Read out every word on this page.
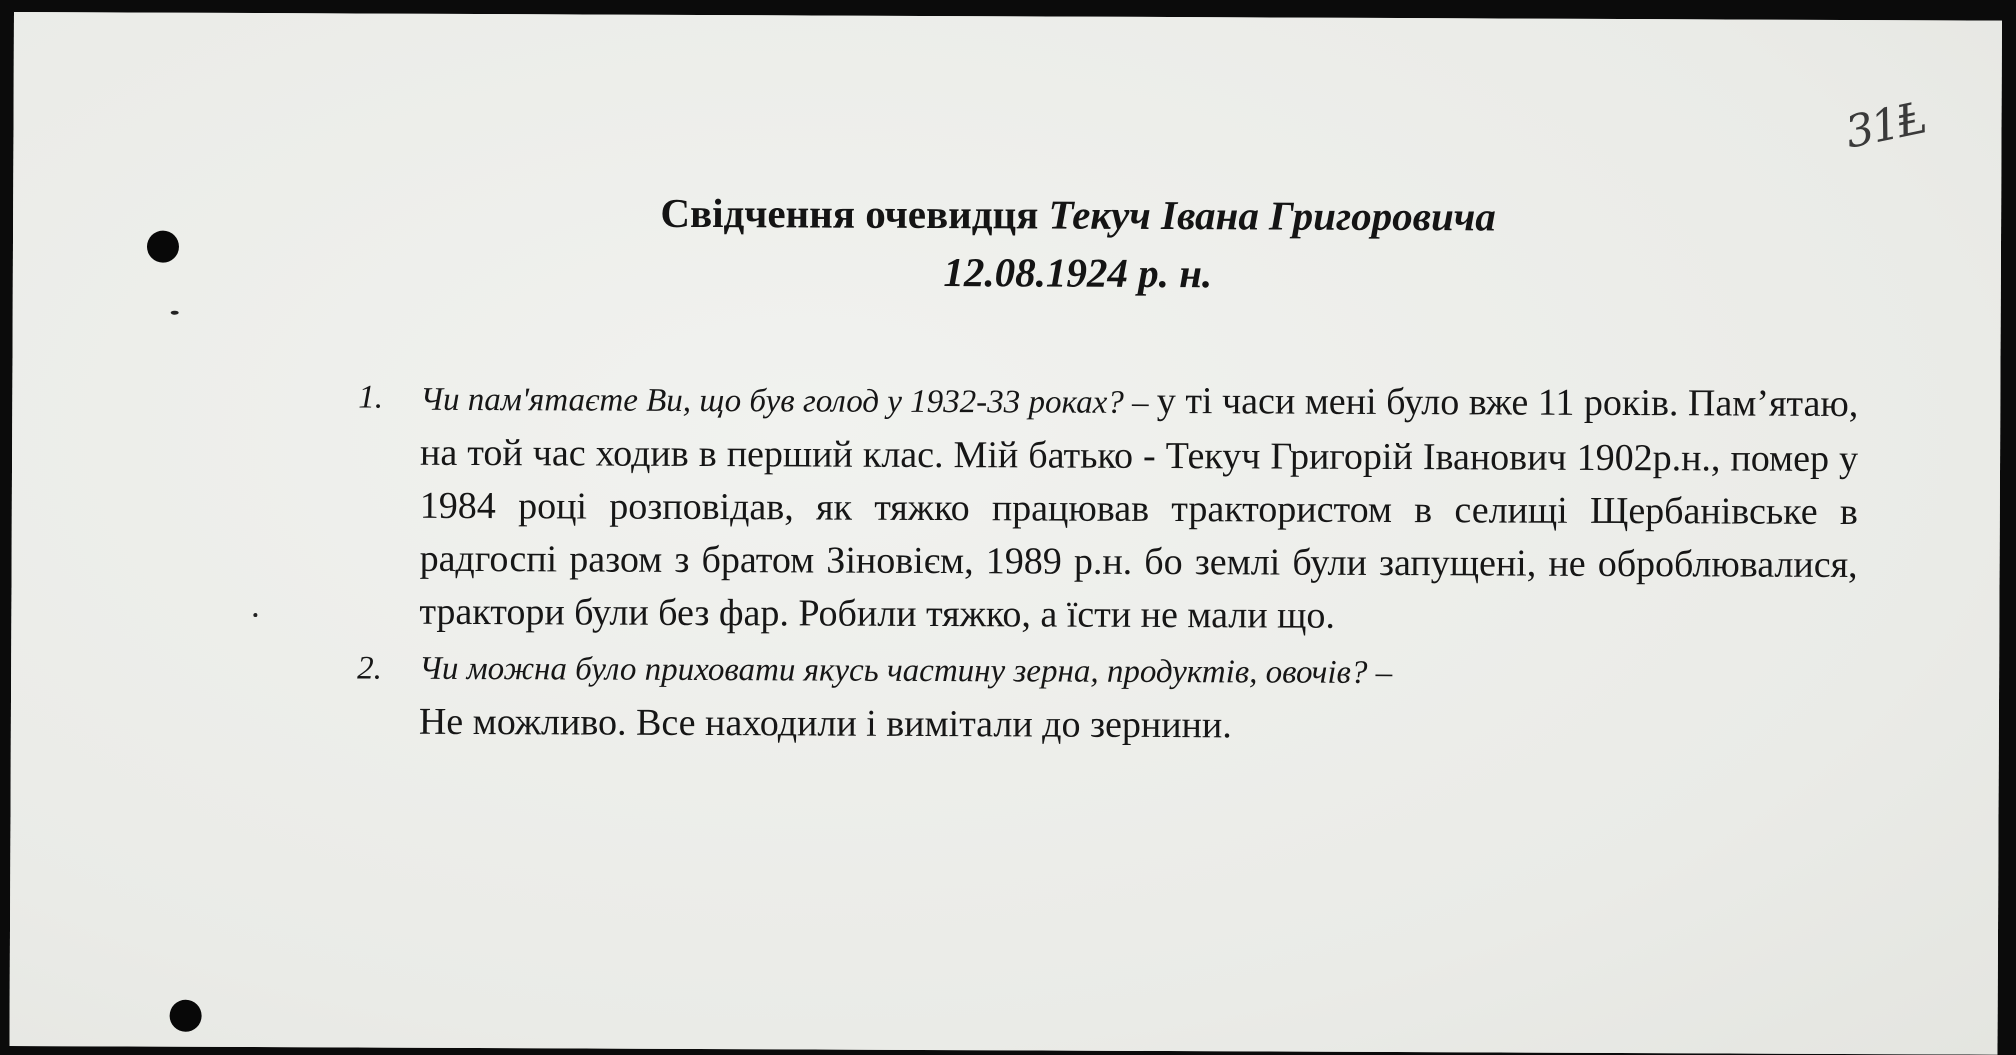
31Ⱡ
Свідчення очевидця Текуч Івана Григоровича
12.08.1924 р. н.
1. Чи пам'ятаєте Ви, що був голод у 1932-33 роках? – у ті часи мені було вже 11 років. Пам’ятаю, на той час ходив в перший клас. Мій батько - Текуч Григорій Іванович 1902р.н., помер у 1984 році розповідав, як тяжко працював трактористом в селищі Щербанівське в радгоспі разом з братом Зіновієм, 1989 р.н. бо землі були запущені, не оброблювалися, трактори були без фар. Робили тяжко, а їсти не мали що.
2. Чи можна було приховати якусь частину зерна, продуктів, овочів? –
Не можливо. Все находили і вимітали до зернини.
